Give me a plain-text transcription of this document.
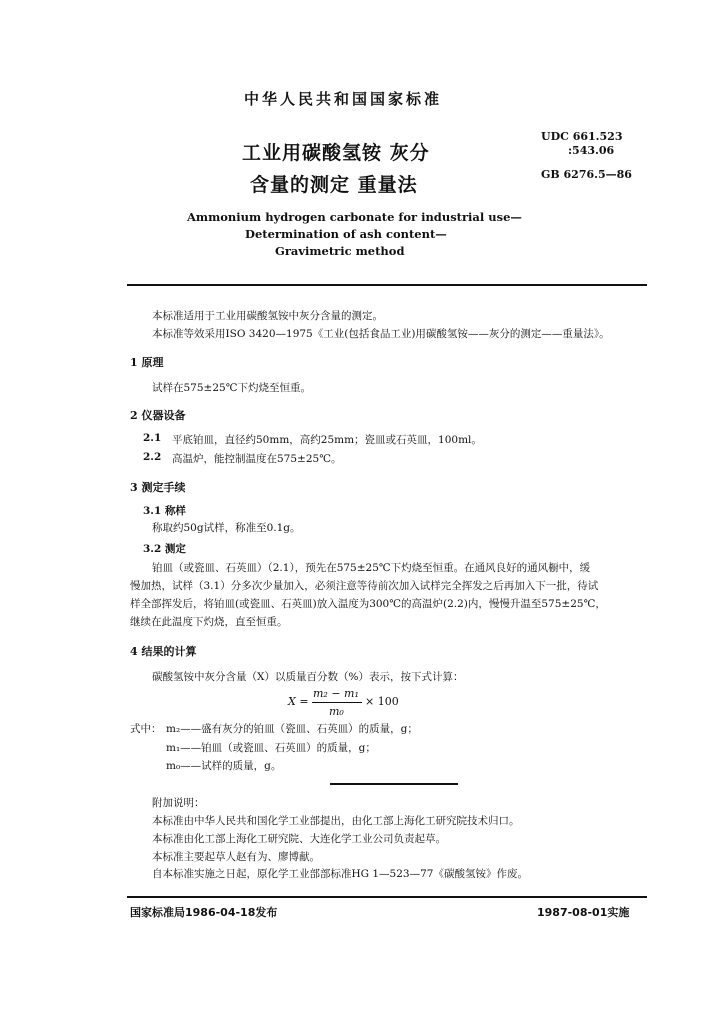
中华人民共和国国家标准
工业用碳酸氢铵 灰分
含量的测定 重量法
UDC 661.523
:543.06
GB 6276.5—86
Ammonium hydrogen carbonate for industrial use—
Determination of ash content—
Gravimetric method
本标准适用于工业用碳酸氢铵中灰分含量的测定。
本标准等效采用ISO 3420—1975《工业(包括食品工业)用碳酸氢铵——灰分的测定——重量法》。
1 原理
试样在575±25℃下灼烧至恒重。
2 仪器设备
2.1 平底铂皿，直径约50mm，高约25mm；瓷皿或石英皿，100ml。
2.2 高温炉，能控制温度在575±25℃。
3 测定手续
3.1 称样
称取约50g试样，称准至0.1g。
3.2 测定
铂皿（或瓷皿、石英皿）（2.1），预先在575±25℃下灼烧至恒重。在通风良好的通风橱中，缓
慢加热，试样（3.1）分多次少量加入，必须注意等待前次加入试样完全挥发之后再加入下一批，待试
样全部挥发后，将铂皿(或瓷皿、石英皿)放入温度为300℃的高温炉(2.2)内，慢慢升温至575±25℃，
继续在此温度下灼烧，直至恒重。
4 结果的计算
碳酸氢铵中灰分含量（X）以质量百分数（%）表示，按下式计算：
X =
m₂ − m₁
m₀
× 100
式中： m₂——盛有灰分的铂皿（瓷皿、石英皿）的质量，g；
m₁——铂皿（或瓷皿、石英皿）的质量，g；
m₀——试样的质量，g。
附加说明：
本标准由中华人民共和国化学工业部提出，由化工部上海化工研究院技术归口。
本标准由化工部上海化工研究院、大连化学工业公司负责起草。
本标准主要起草人赵有为、廖博献。
自本标准实施之日起，原化学工业部部标准HG 1—523—77《碳酸氢铵》作废。
国家标准局1986-04-18发布	1987-08-01实施
